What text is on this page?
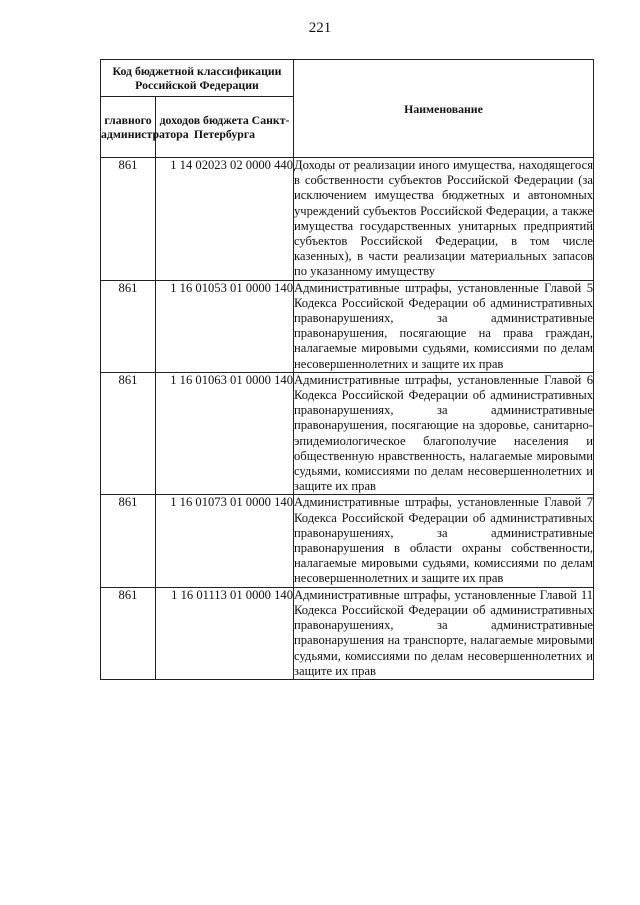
221
Код бюджетной классификации Российской Федерации		Наименование
главного администратора	доходов бюджета Санкт-Петербурга	
861	1 14 02023 02 0000 440	Доходы от реализации иного имущества, находящегося в собственности субъектов Российской Федерации (за исключением имущества бюджетных и автономных учреждений субъектов Российской Федерации, а также имущества государственных унитарных предприятий субъектов Российской Федерации, в том числе казенных), в части реализации материальных запасов по указанному имуществу
861	1 16 01053 01 0000 140	Административные штрафы, установленные Главой 5 Кодекса Российской Федерации об административных правонарушениях, за административные правонарушения, посягающие на права граждан, налагаемые мировыми судьями, комиссиями по делам несовершеннолетних и защите их прав
861	1 16 01063 01 0000 140	Административные штрафы, установленные Главой 6 Кодекса Российской Федерации об административных правонарушениях, за административные правонарушения, посягающие на здоровье, санитарно-эпидемиологическое благополучие населения и общественную нравственность, налагаемые мировыми судьями, комиссиями по делам несовершеннолетних и защите их прав
861	1 16 01073 01 0000 140	Административные штрафы, установленные Главой 7 Кодекса Российской Федерации об административных правонарушениях, за административные правонарушения в области охраны собственности, налагаемые мировыми судьями, комиссиями по делам несовершеннолетних и защите их прав
861	1 16 01113 01 0000 140	Административные штрафы, установленные Главой 11 Кодекса Российской Федерации об административных правонарушениях, за административные правонарушения на транспорте, налагаемые мировыми судьями, комиссиями по делам несовершеннолетних и защите их прав
